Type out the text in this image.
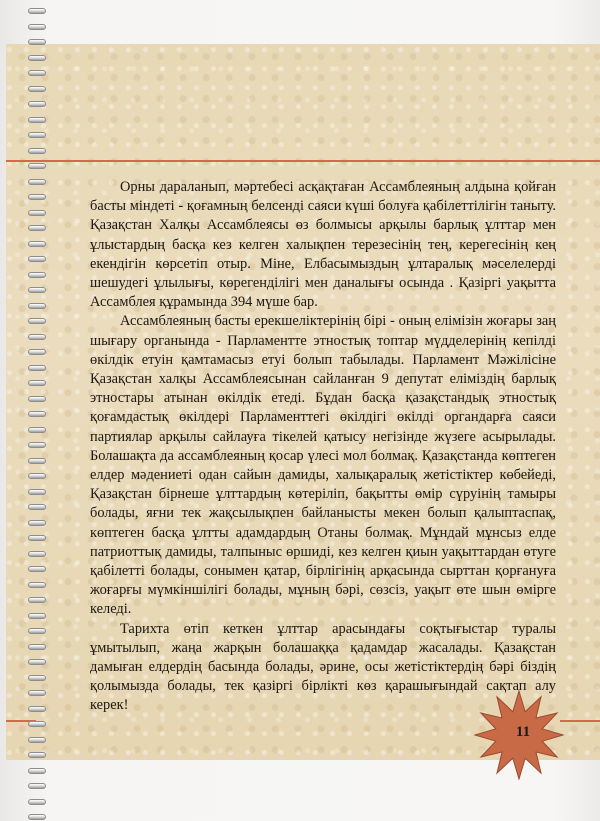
Орны дараланып, мәртебесі асқақтаған Ассамблеяның алдына қойған басты міндеті - қоғамның белсенді саяси күші болуға қабілеттілігін таныту. Қазақстан Халқы Ассамблеясы өз болмысы арқылы барлық ұлттар мен ұлыстардың басқа кез келген халықпен терезесінің тең, керегесінің кең екендігін көрсетіп отыр. Міне, Елбасымыздың ұлтаралық мәселелерді шешудегі ұлылығы, көрегенділігі мен даналығы осында . Қазіргі уақытта Ассамблея құрамында 394 мүше бар.

Ассамблеяның басты ерекшеліктерінің бірі - оның елімізін жоғары заң шығару органында - Парламентте этностық топтар мүдделерінің кепілді өкілдік етуін қамтамасыз етуі болып табылады. Парламент Мәжілісіне Қазақстан халқы Ассамблеясынан сайланған 9 депутат еліміздің барлық этностары атынан өкілдік етеді. Бұдан басқа қазақстандық этностық қоғамдастық өкілдері Парламенттегі өкілдігі өкілді органдарға саяси партиялар арқылы сайлауға тікелей қатысу негізінде жүзеге асырылады. Болашақта да ассамблеяның қосар үлесі мол болмақ. Қазақстанда көптеген елдер мәдениеті одан сайын дамиды, халықаралық жетістіктер көбейеді, Қазақстан бірнеше ұлттардың көтеріліп, бақытты өмір сүруінің тамыры болады, яғни тек жақсылықпен байланысты мекен болып қалыптаспақ, көптеген басқа ұлтты адамдардың Отаны болмақ. Мұндай мұнсыз елде патриоттық дамиды, талпыныс өршиді, кез келген қиын уақыттардан өтуге қабілетті болады, сонымен қатар, бірлігінің арқасында сырттан қорғануға жоғарғы мүмкіншілігі болады, мұның бәрі, сөзсіз, уақыт өте шын өмірге келеді.

Тарихта өтіп кеткен ұлттар арасындағы соқтығыстар туралы ұмытылып, жаңа жарқын болашаққа қадамдар жасалады. Қазақстан дамыған елдердің басында болады, әрине, осы жетістіктердің бәрі біздің қолымызда болады, тек қазіргі бірлікті көз қарашығындай сақтап алу керек!

11
